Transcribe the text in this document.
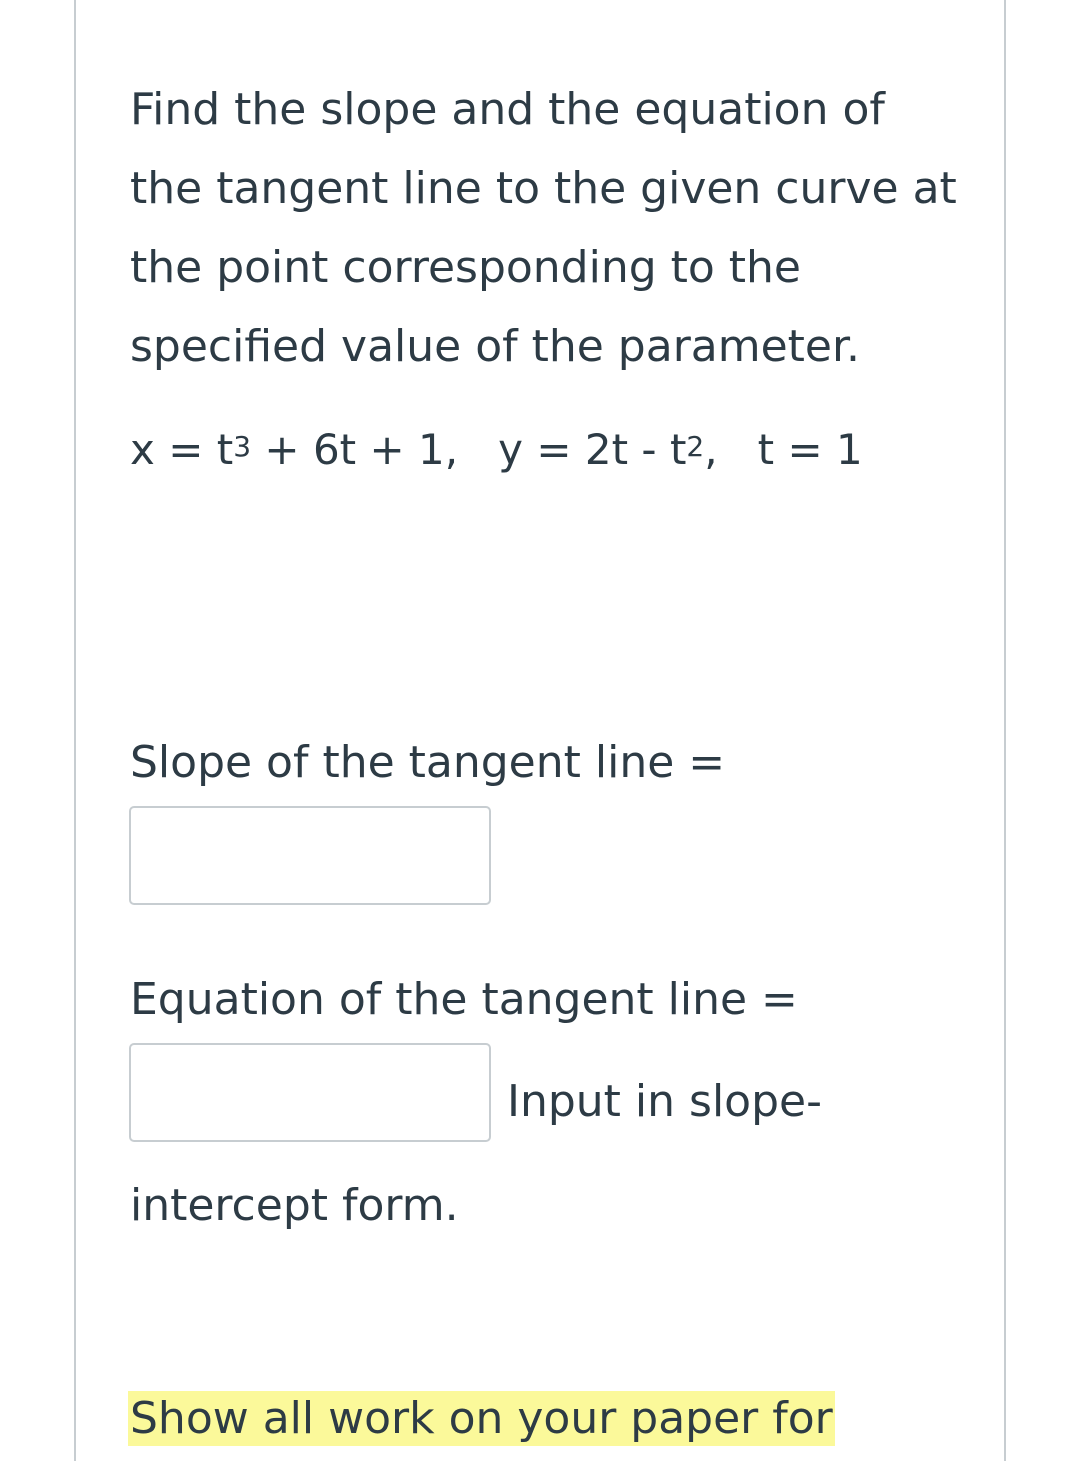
Find the slope and the equation of the tangent line to the given curve at the point corresponding to the specified value of the parameter.

$x = t^3 + 6t + 1$,   $y = 2t - t^2$,   t = 1
Slope of the tangent line =
Equation of the tangent line =
Input in slope-
intercept form.
Show all work on your paper for
